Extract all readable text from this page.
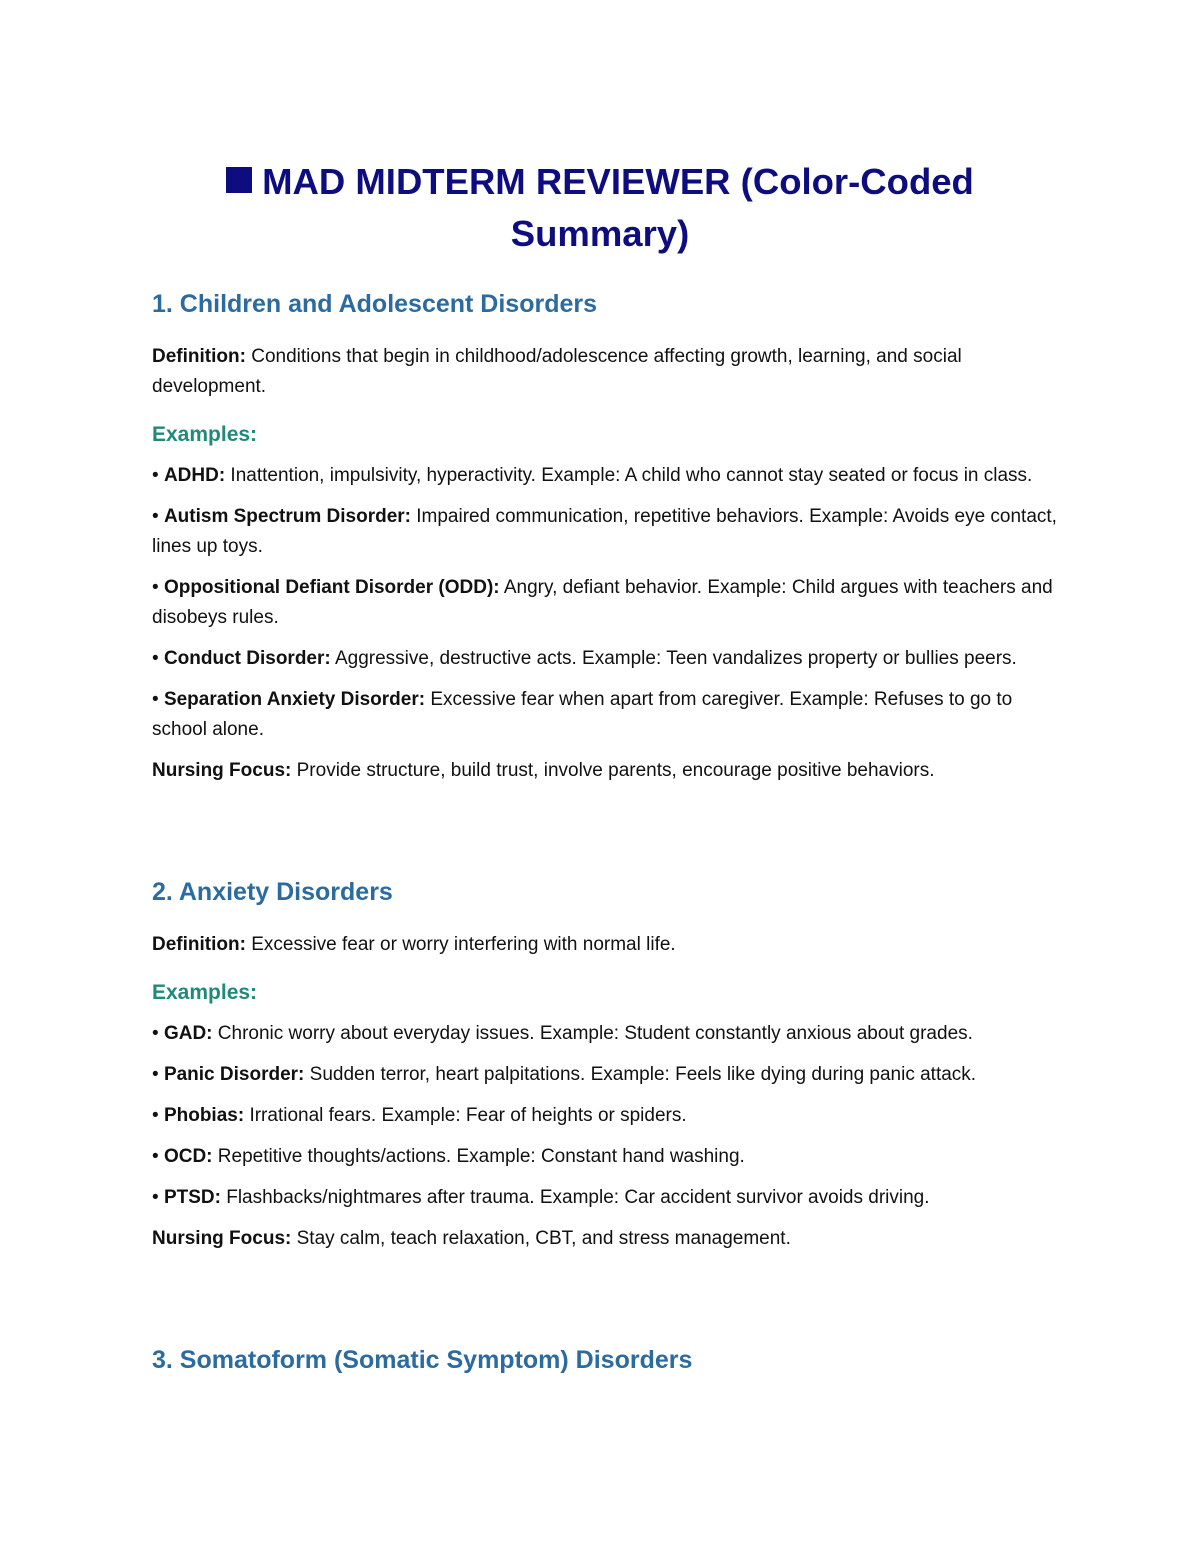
MAD MIDTERM REVIEWER (Color-Coded Summary)
1. Children and Adolescent Disorders

Definition: Conditions that begin in childhood/adolescence affecting growth, learning, and social development.

Examples:

• ADHD: Inattention, impulsivity, hyperactivity. Example: A child who cannot stay seated or focus in class.

• Autism Spectrum Disorder: Impaired communication, repetitive behaviors. Example: Avoids eye contact, lines up toys.

• Oppositional Defiant Disorder (ODD): Angry, defiant behavior. Example: Child argues with teachers and disobeys rules.

• Conduct Disorder: Aggressive, destructive acts. Example: Teen vandalizes property or bullies peers.

• Separation Anxiety Disorder: Excessive fear when apart from caregiver. Example: Refuses to go to school alone.

Nursing Focus: Provide structure, build trust, involve parents, encourage positive behaviors.

2. Anxiety Disorders

Definition: Excessive fear or worry interfering with normal life.

Examples:

• GAD: Chronic worry about everyday issues. Example: Student constantly anxious about grades.

• Panic Disorder: Sudden terror, heart palpitations. Example: Feels like dying during panic attack.

• Phobias: Irrational fears. Example: Fear of heights or spiders.

• OCD: Repetitive thoughts/actions. Example: Constant hand washing.

• PTSD: Flashbacks/nightmares after trauma. Example: Car accident survivor avoids driving.

Nursing Focus: Stay calm, teach relaxation, CBT, and stress management.

3. Somatoform (Somatic Symptom) Disorders
